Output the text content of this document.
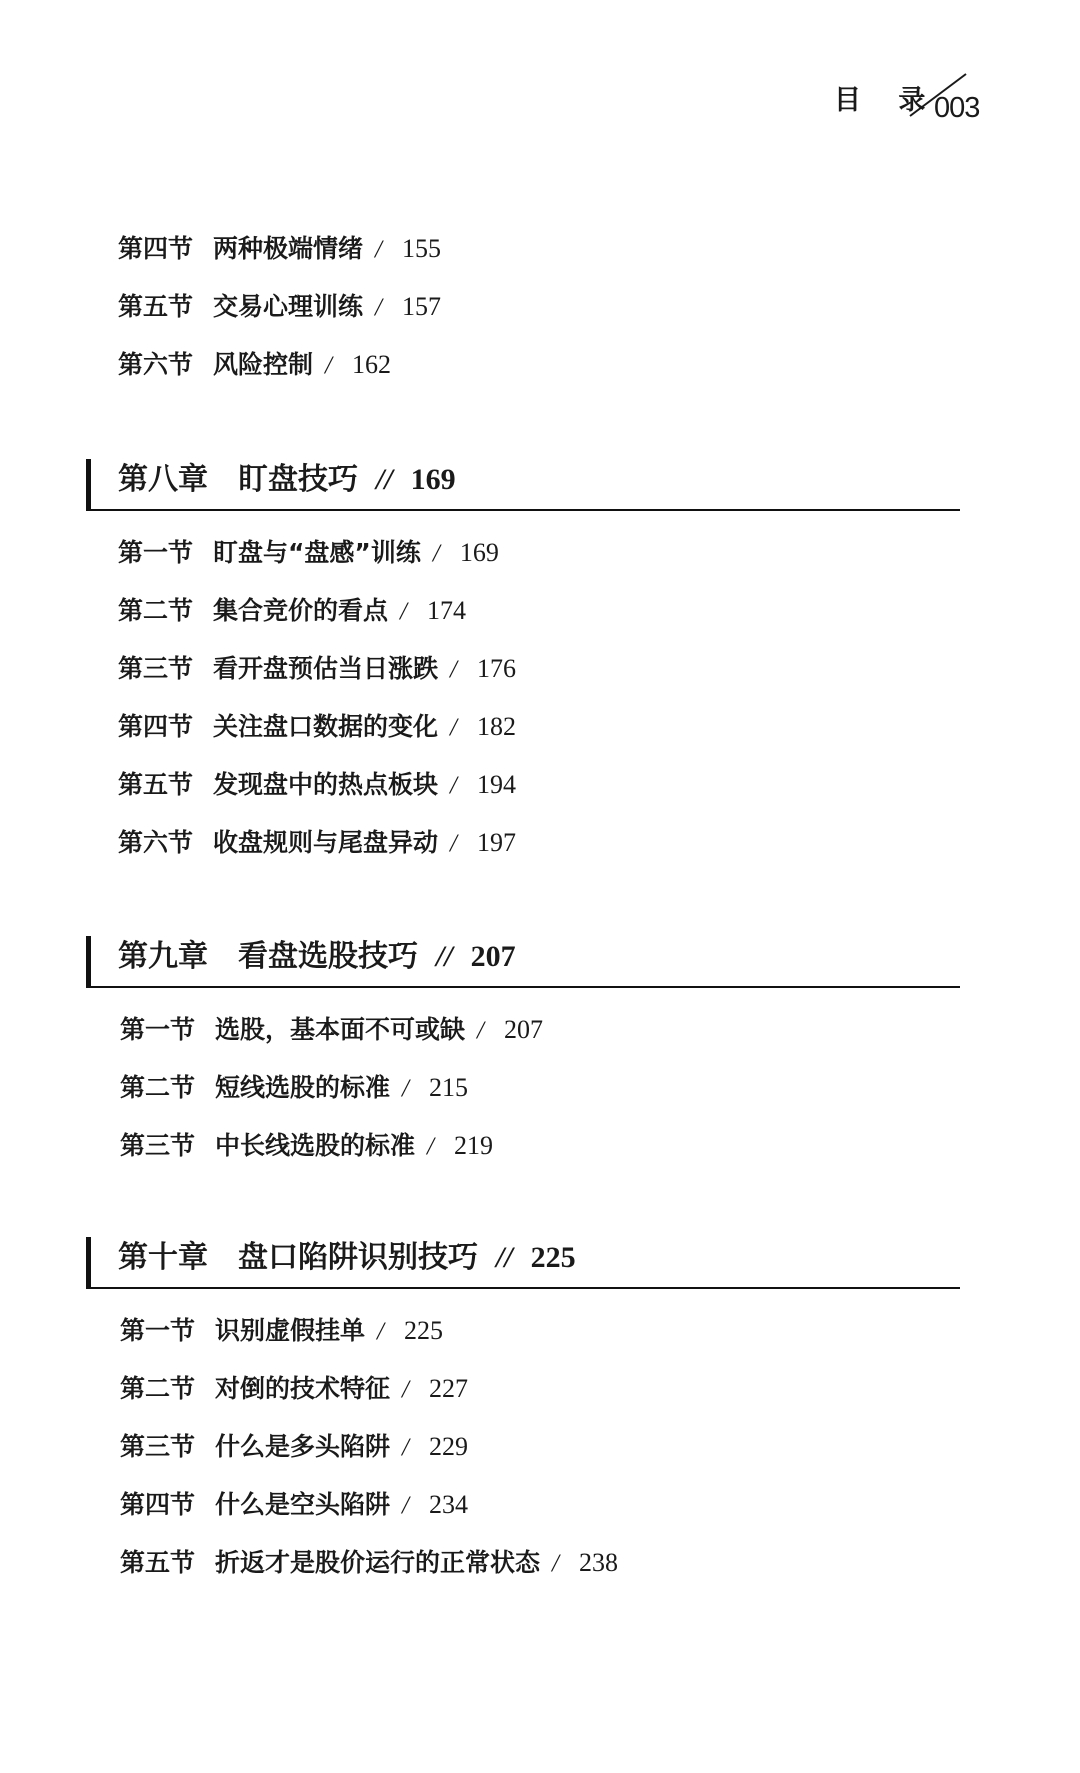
目 录
003
第四节 两种极端情绪 / 155
第五节 交易心理训练 / 157
第六节 风险控制 / 162
第八章 盯盘技巧 // 169
第一节 盯盘与“盘感”训练 / 169
第二节 集合竞价的看点 / 174
第三节 看开盘预估当日涨跌 / 176
第四节 关注盘口数据的变化 / 182
第五节 发现盘中的热点板块 / 194
第六节 收盘规则与尾盘异动 / 197
第九章 看盘选股技巧 // 207
第一节 选股，基本面不可或缺 / 207
第二节 短线选股的标准 / 215
第三节 中长线选股的标准 / 219
第十章 盘口陷阱识别技巧 // 225
第一节 识别虚假挂单 / 225
第二节 对倒的技术特征 / 227
第三节 什么是多头陷阱 / 229
第四节 什么是空头陷阱 / 234
第五节 折返才是股价运行的正常状态 / 238
